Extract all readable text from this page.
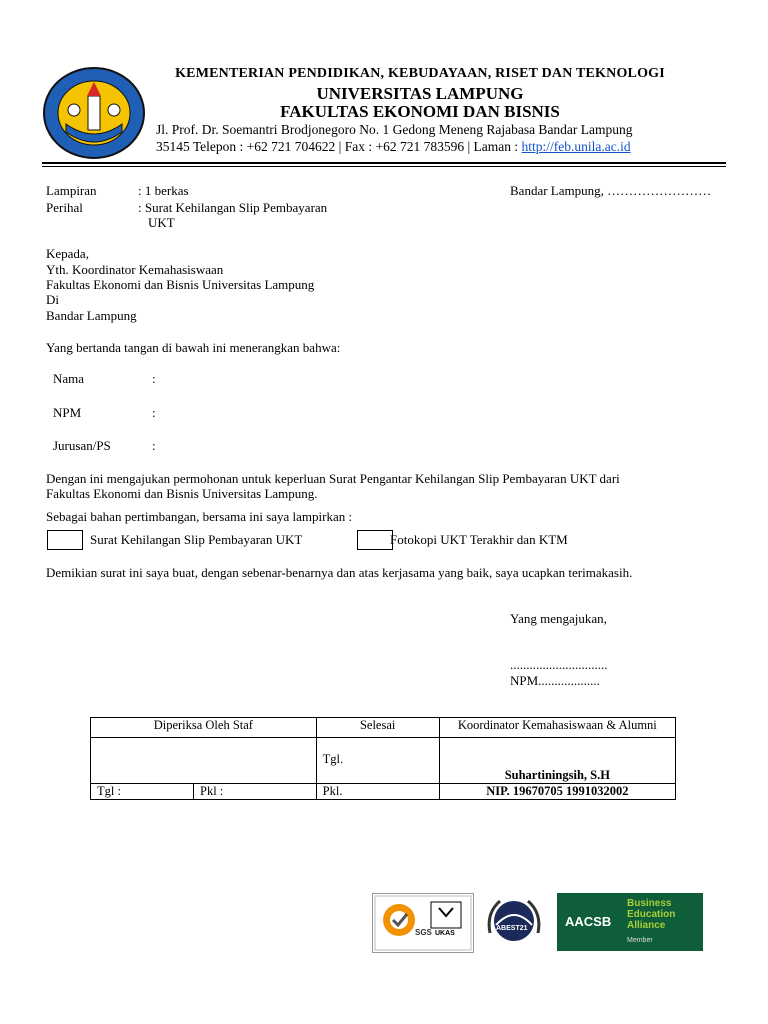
KEMENTERIAN PENDIDIKAN, KEBUDAYAAN, RISET DAN TEKNOLOGI
UNIVERSITAS LAMPUNG
FAKULTAS EKONOMI DAN BISNIS
Jl. Prof. Dr. Soemantri Brodjonegoro No. 1 Gedong Meneng Rajabasa Bandar Lampung
35145 Telepon : +62 721 704622 | Fax : +62 721 783596 | Laman : http://feb.unila.ac.id
Lampiran	: 1 berkas
Perihal	: Surat Kehilangan Slip Pembayaran
UKT
Bandar Lampung, ……………………
Kepada,
Yth. Koordinator Kemahasiswaan
Fakultas Ekonomi dan Bisnis Universitas Lampung
Di
Bandar Lampung
Yang bertanda tangan di bawah ini menerangkan bahwa:
Nama	:
NPM	:
Jurusan/PS	:
Dengan ini mengajukan permohonan untuk keperluan Surat Pengantar Kehilangan Slip Pembayaran UKT dari
Fakultas Ekonomi dan Bisnis Universitas Lampung.
Sebagai bahan pertimbangan, bersama ini saya lampirkan :
Surat Kehilangan Slip Pembayaran UKT	Fotokopi UKT Terakhir dan KTM
Demikian surat ini saya buat, dengan sebenar-benarnya dan atas kerjasama yang baik, saya ucapkan terimakasih.
Yang mengajukan,
..............................
NPM...................
Diperiksa Oleh Staf		Selesai	Koordinator Kemahasiswaan & Alumni
		Tgl.	Suhartiningsih, S.H
Tgl :	Pkl :	Pkl.	NIP. 19670705 1991032002
SGS UKAS
ABEST21	AACSB
Business
Education
Alliance
Member
